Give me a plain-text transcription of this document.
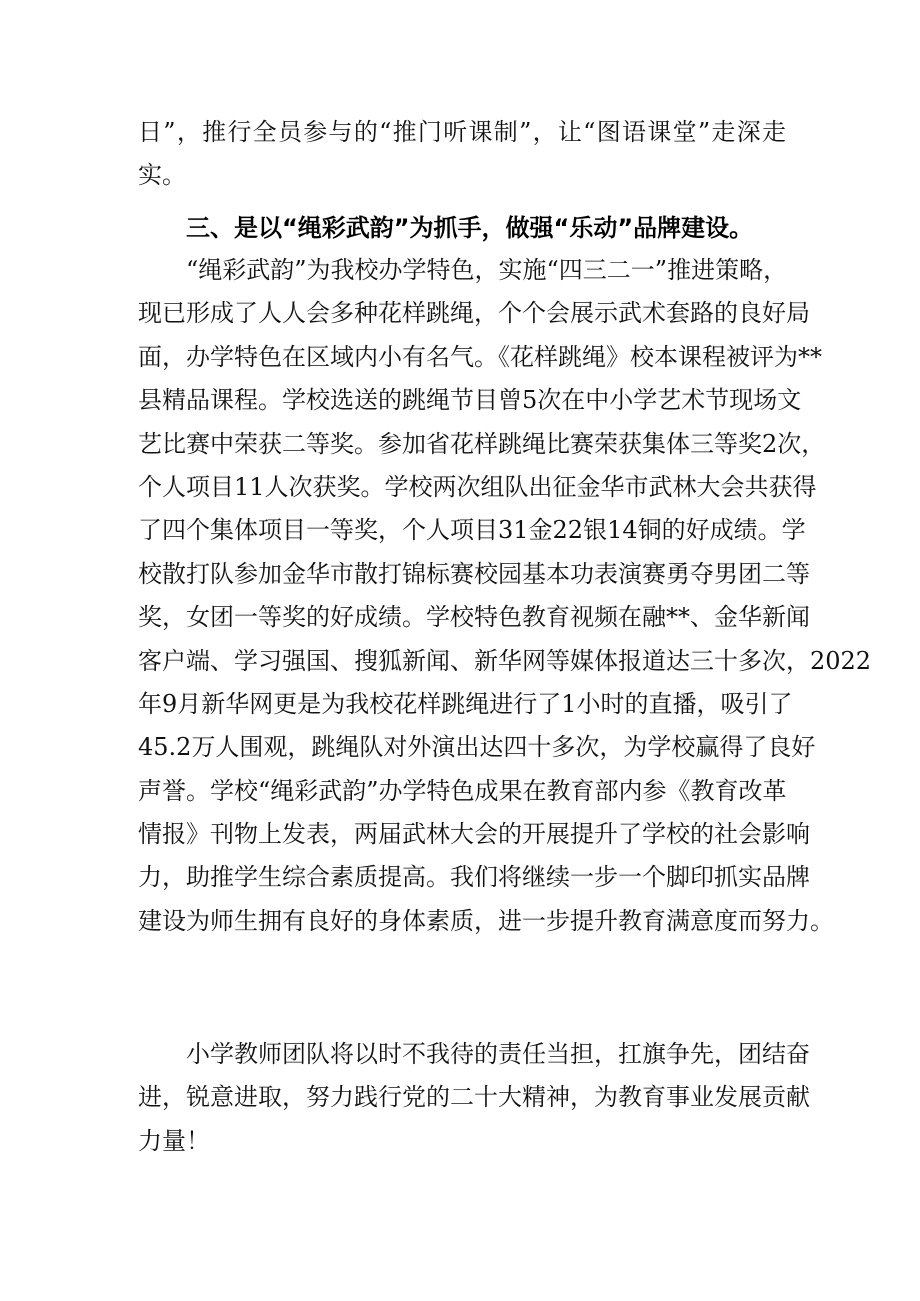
日”，推行全员参与的“推门听课制”，让“图语课堂”走深走
实。
三、是以“绳彩武韵”为抓手，做强“乐动”品牌建设。
　　“绳彩武韵”为我校办学特色，实施“四三二一”推进策略，
现已形成了人人会多种花样跳绳，个个会展示武术套路的良好局
面，办学特色在区域内小有名气。《花样跳绳》校本课程被评为**
县精品课程。学校选送的跳绳节目曾5次在中小学艺术节现场文
艺比赛中荣获二等奖。参加省花样跳绳比赛荣获集体三等奖2次，
个人项目11人次获奖。学校两次组队出征金华市武林大会共获得
了四个集体项目一等奖，个人项目31金22银14铜的好成绩。学
校散打队参加金华市散打锦标赛校园基本功表演赛勇夺男团二等
奖，女团一等奖的好成绩。学校特色教育视频在融**、金华新闻
客户端、学习强国、搜狐新闻、新华网等媒体报道达三十多次，2022
年9月新华网更是为我校花样跳绳进行了1小时的直播，吸引了
45.2万人围观，跳绳队对外演出达四十多次，为学校赢得了良好
声誉。学校“绳彩武韵”办学特色成果在教育部内参《教育改革
情报》刊物上发表，两届武林大会的开展提升了学校的社会影响
力，助推学生综合素质提高。我们将继续一步一个脚印抓实品牌
建设为师生拥有良好的身体素质，进一步提升教育满意度而努力。
　　小学教师团队将以时不我待的责任当担，扛旗争先，团结奋
进，锐意进取，努力践行党的二十大精神，为教育事业发展贡献
力量！
